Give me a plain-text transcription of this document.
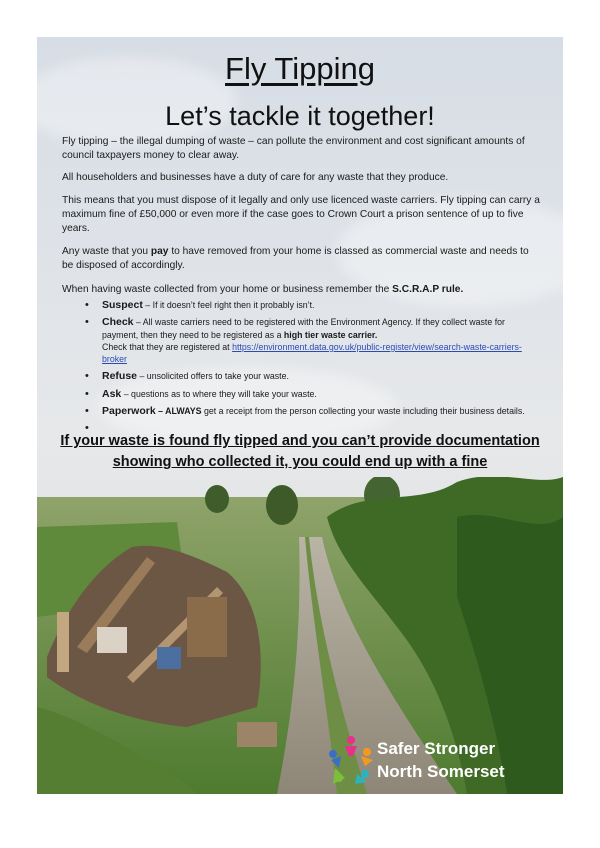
Fly Tipping
Let’s tackle it together!

Fly tipping – the illegal dumping of waste – can pollute the environment and cost significant amounts of council taxpayers money to clear away.

All householders and businesses have a duty of care for any waste that they produce.

This means that you must dispose of it legally and only use licenced waste carriers. Fly tipping can carry a maximum fine of £50,000 or even more if the case goes to Crown Court a prison sentence of up to five years.

Any waste that you pay to have removed from your home is classed as commercial waste and needs to be disposed of accordingly.

When having waste collected from your home or business remember the S.C.R.A.P rule.

• Suspect – If it doesn’t feel right then it probably isn’t.
• Check – All waste carriers need to be registered with the Environment Agency. If they collect waste for payment, then they need to be registered as a high tier waste carrier.
Check that they are registered at https://environment.data.gov.uk/public-register/view/search-waste-carriers-broker
• Refuse – unsolicited offers to take your waste.
• Ask – questions as to where they will take your waste.
• Paperwork – ALWAYS get a receipt from the person collecting your waste including their business details.
If your waste is found fly tipped and you can’t provide documentation showing who collected it, you could end up with a fine
Safer Stronger
North Somerset
